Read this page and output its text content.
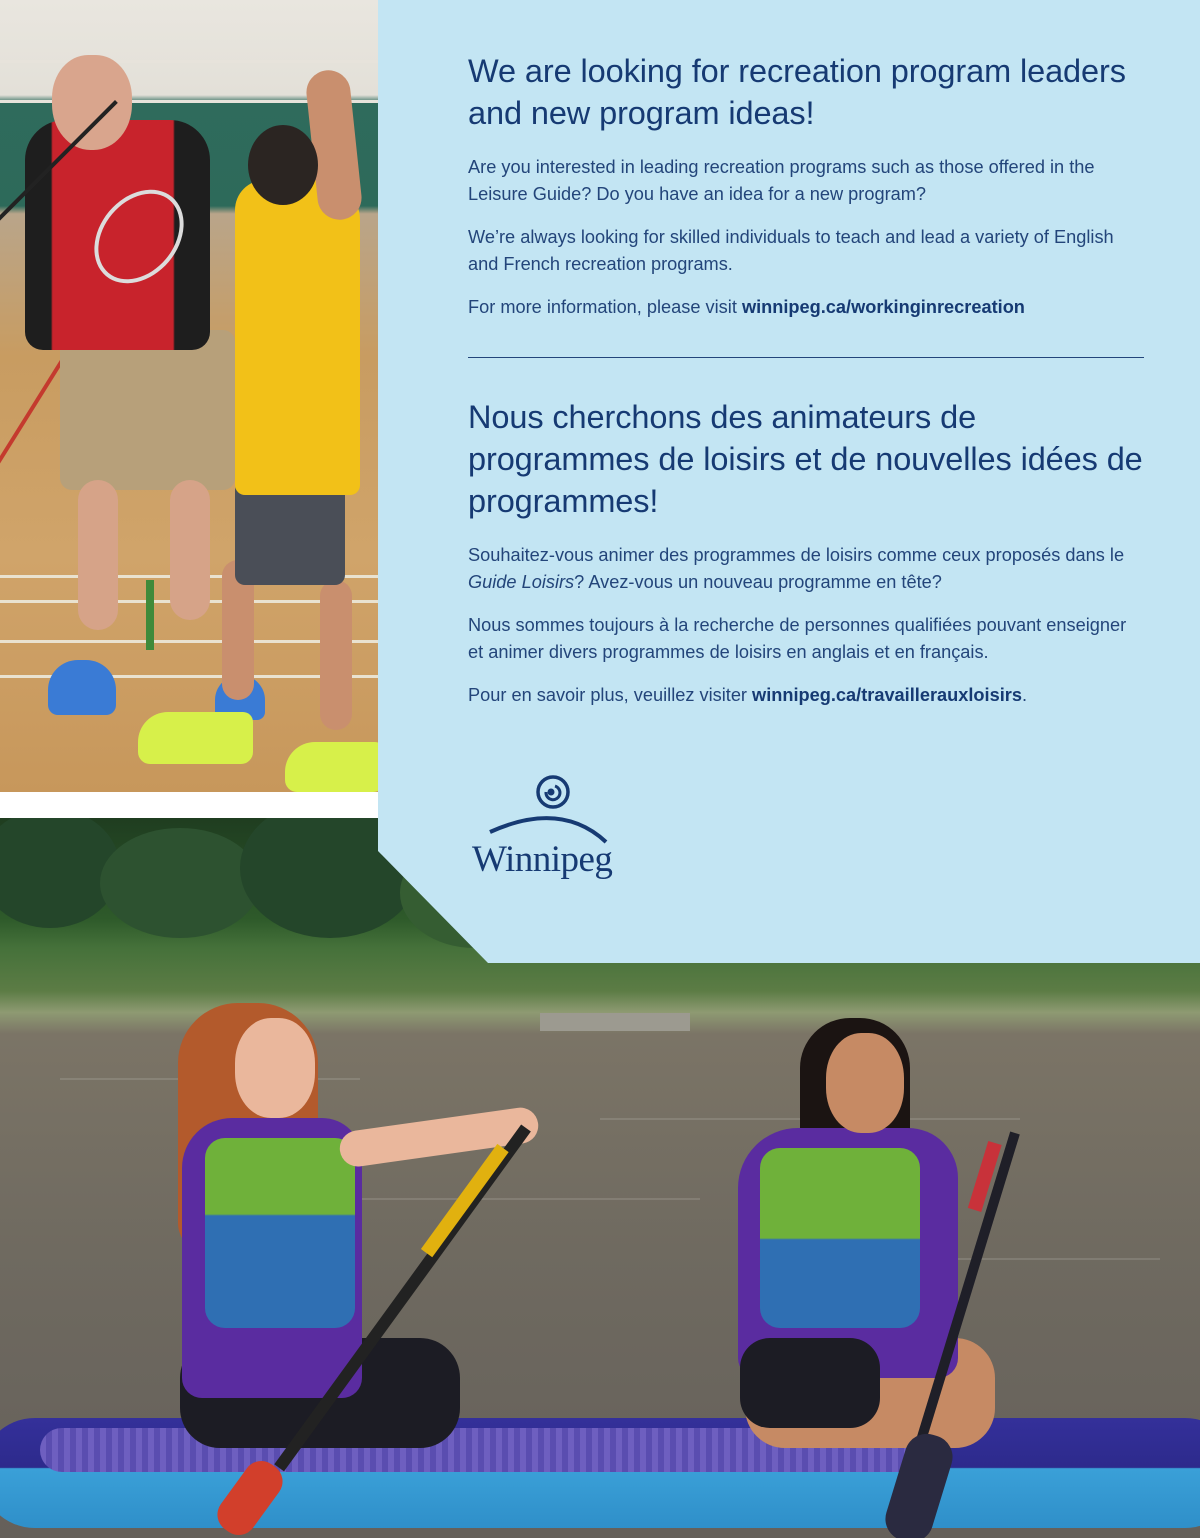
We are looking for recreation program leaders and new program ideas!

Are you interested in leading recreation programs such as those offered in the Leisure Guide? Do you have an idea for a new program?

We’re always looking for skilled individuals to teach and lead a variety of English and French recreation programs.

For more information, please visit winnipeg.ca/workinginrecreation

Nous cherchons des animateurs de programmes de loisirs et de nouvelles idées de programmes!

Souhaitez-vous animer des programmes de loisirs comme ceux proposés dans le Guide Loisirs? Avez-vous un nouveau programme en tête?

Nous sommes toujours à la recherche de personnes qualifiées pouvant enseigner et animer divers programmes de loisirs en anglais et en français.

Pour en savoir plus, veuillez visiter winnipeg.ca/travaillerauxloisirs.

Winnipeg
